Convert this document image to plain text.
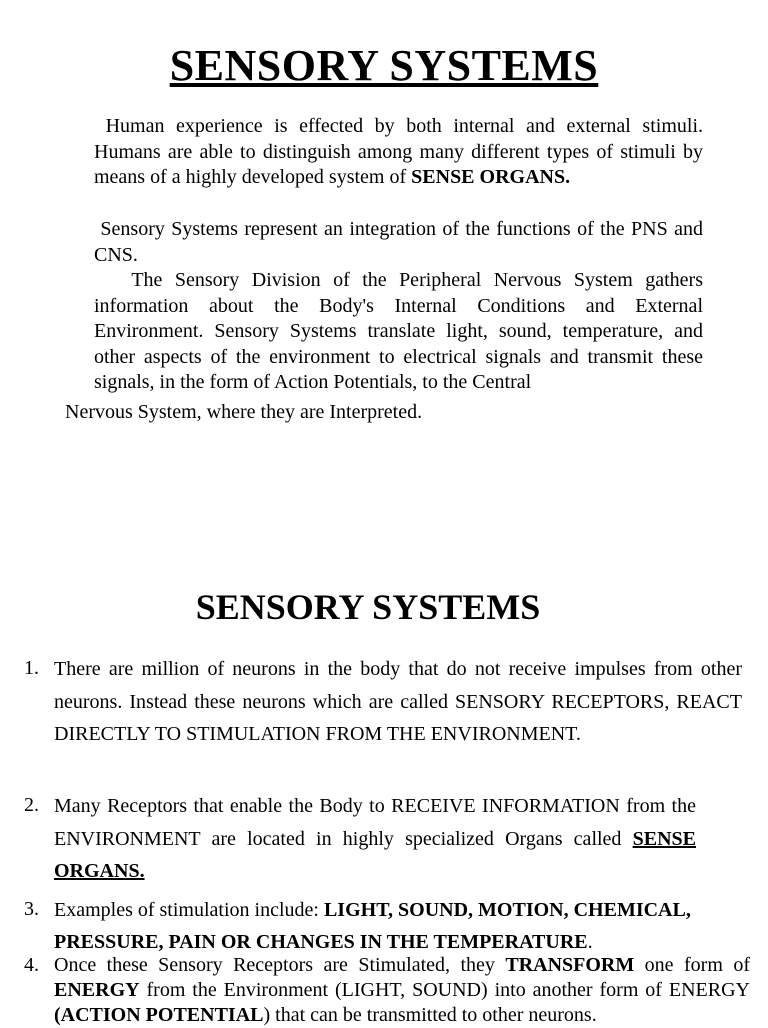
SENSORY SYSTEMS
Human experience is effected by both internal and external stimuli. Humans are able to distinguish among many different types of stimuli by means of a highly developed system of SENSE ORGANS.
Sensory Systems represent an integration of the functions of the PNS and CNS.
The Sensory Division of the Peripheral Nervous System gathers information about the Body's Internal Conditions and External Environment. Sensory Systems translate light, sound, temperature, and other aspects of the environment to electrical signals and transmit these signals, in the form of Action Potentials, to the Central
Nervous System, where they are Interpreted.
SENSORY SYSTEMS
1. There are million of neurons in the body that do not receive impulses from other neurons. Instead these neurons which are called SENSORY RECEPTORS, REACT DIRECTLY TO STIMULATION FROM THE ENVIRONMENT.
2. Many Receptors that enable the Body to RECEIVE INFORMATION from the ENVIRONMENT are located in highly specialized Organs called SENSE ORGANS.
3. Examples of stimulation include: LIGHT, SOUND, MOTION, CHEMICAL, PRESSURE, PAIN OR CHANGES IN THE TEMPERATURE.
4. Once these Sensory Receptors are Stimulated, they TRANSFORM one form of ENERGY from the Environment (LIGHT, SOUND) into another form of ENERGY (ACTION POTENTIAL) that can be transmitted to other neurons.
